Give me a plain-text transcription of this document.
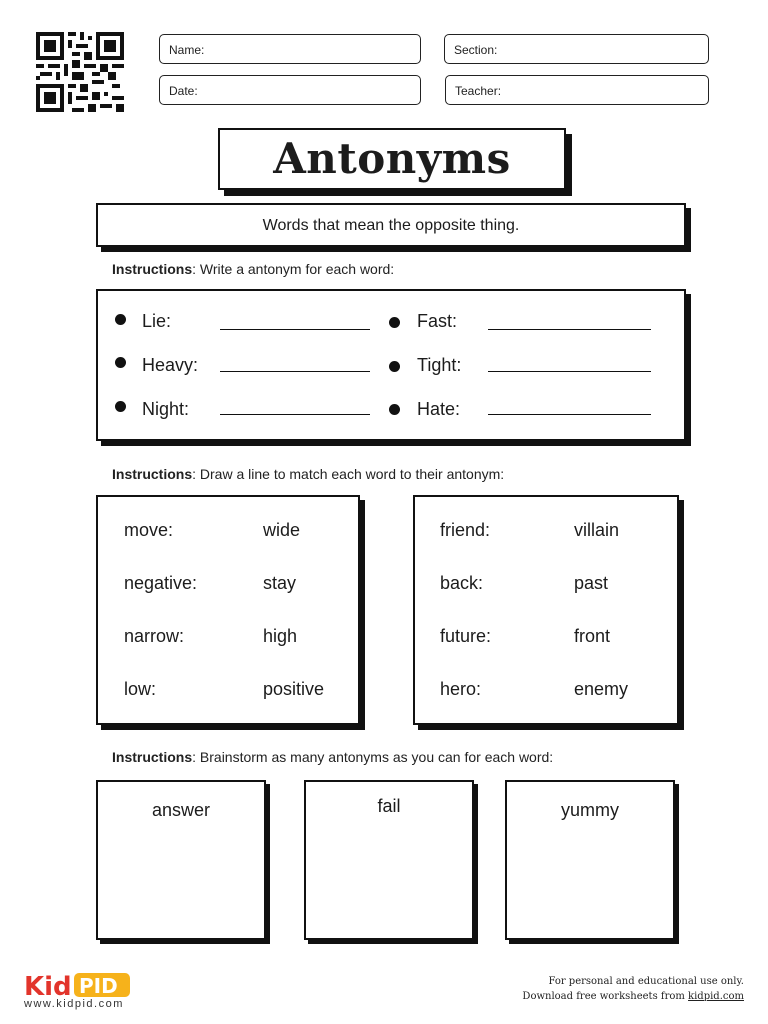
Name:	Section:
Date:	Teacher:
Antonyms
Words that mean the opposite thing.
Instructions: Write a antonym for each word:
Lie:
Heavy:
Night:
Fast:
Tight:
Hate:
Instructions: Draw a line to match each word to their antonym:
move:	wide
negative:	stay
narrow:	high
low:	positive
friend:	villain
back:	past
future:	front
hero:	enemy
Instructions: Brainstorm as many antonyms as you can for each word:
answer	fail	yummy
Kid PID
www.kidpid.com
For personal and educational use only.
Download free worksheets from kidpid.com
